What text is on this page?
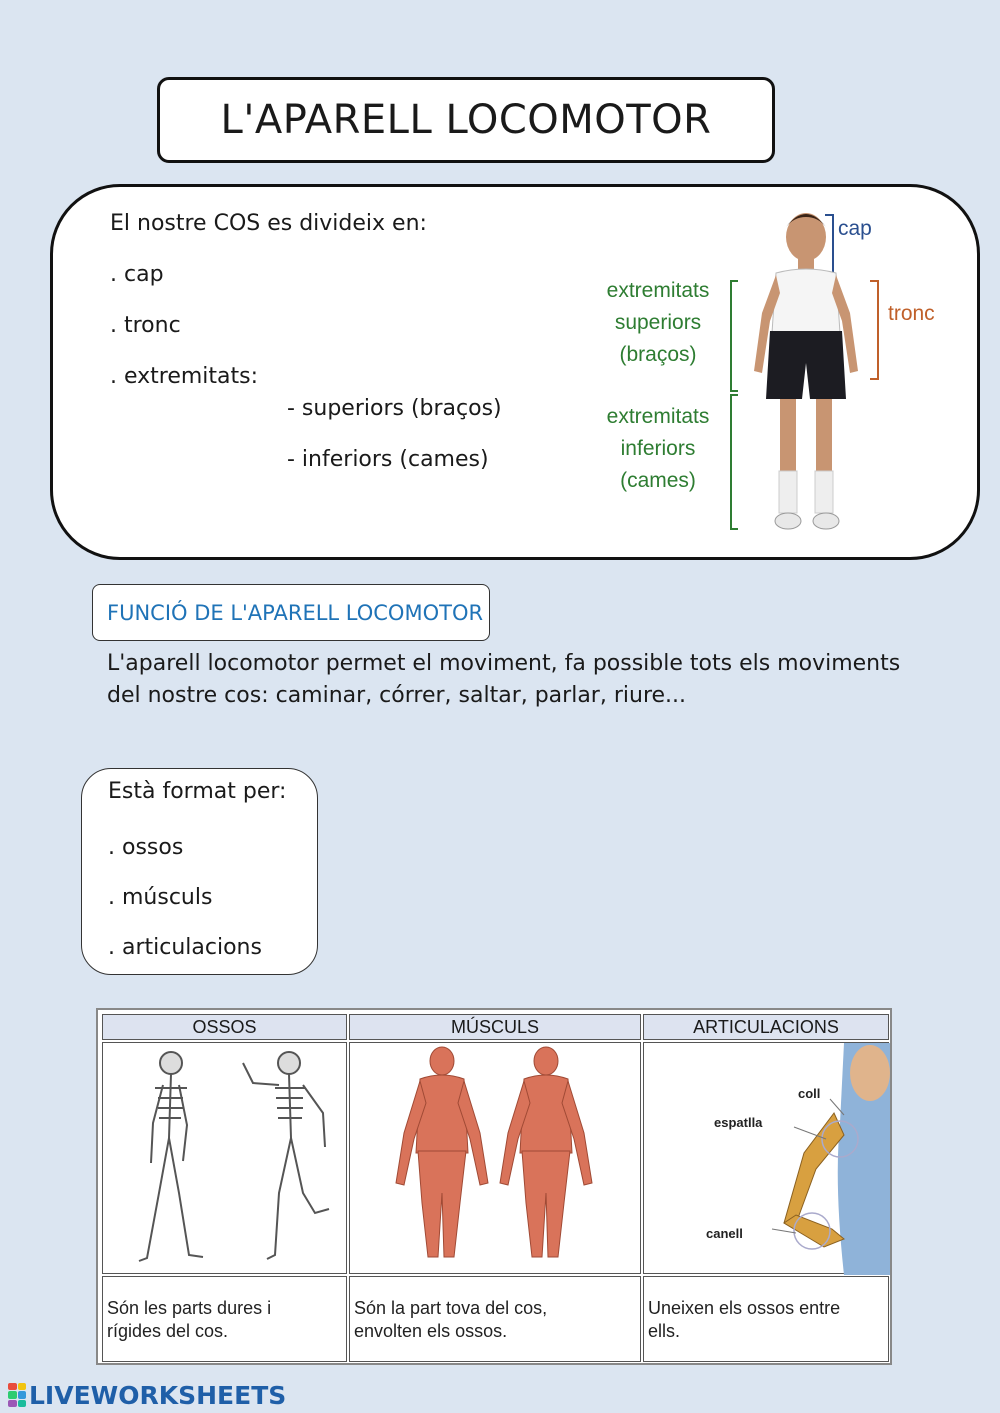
L'APARELL LOCOMOTOR
El nostre COS es divideix en:
. cap
. tronc
. extremitats:
- superiors (braços)
- inferiors (cames)
cap
tronc
extremitats
superiors
(braços)
extremitats
inferiors
(cames)
FUNCIÓ DE L'APARELL LOCOMOTOR
L'aparell locomotor permet el moviment, fa possible tots els moviments
del nostre cos: caminar, córrer, saltar, parlar, riure...
Està format per:
. ossos
. músculs
. articulacions
OSSOS	MÚSCULS	ARTICULACIONS
coll
espatlla
canell
Són les parts dures i
rígides del cos.
Són la part tova del cos,
envolten els ossos.
Uneixen els ossos entre
ells.
LIVEWORKSHEETS
